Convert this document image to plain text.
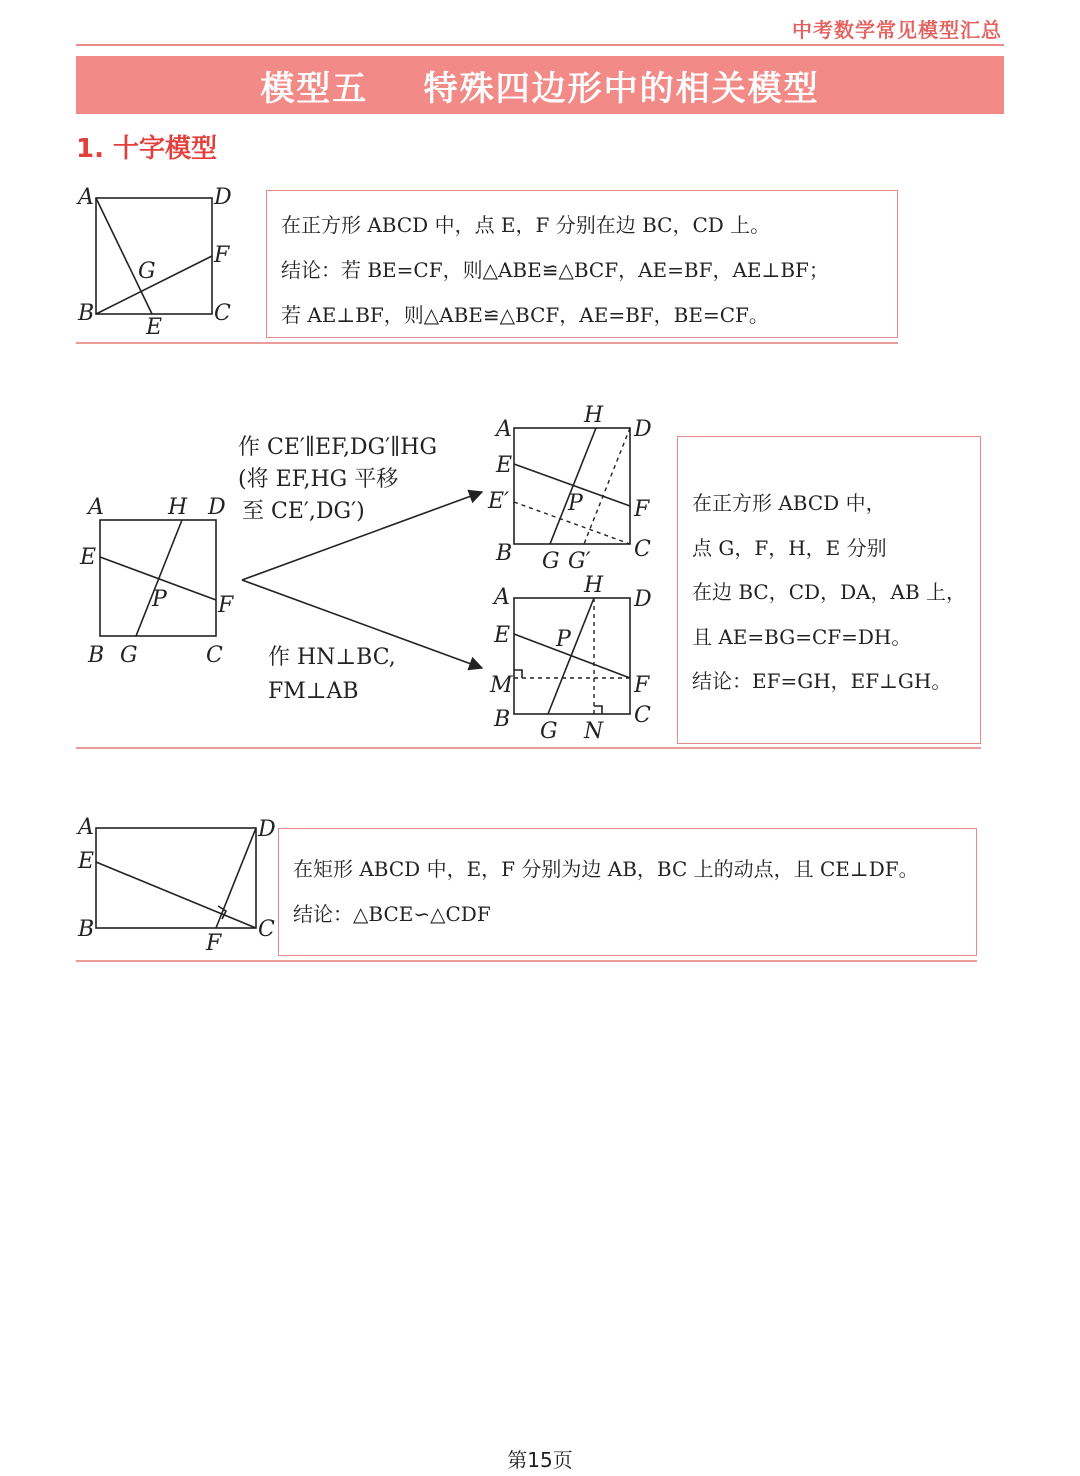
中考数学常见模型汇总
模型五    特殊四边形中的相关模型
1. 十字模型
A	D
G
F
B
E
C

在正方形 ABCD 中，点 E，F 分别在边 BC，CD 上。

结论：若 BE=CF，则△ABE≌△BCF，AE=BF，AE⊥BF；

若 AE⊥BF，则△ABE≌△BCF，AE=BF，BE=CF。

A	H D
E
P F
B G	C
作 CE′∥EF,DG′∥HG
(将 EF,HG 平移
至 CE′,DG′)
作 HN⊥BC,
FM⊥AB
H
A	D
E
E′	P F
B G G′ C
H
A	D
E P
M	F
B	C
G N

在正方形 ABCD 中，

点 G，F，H，E 分别

在边 BC，CD，DA，AB 上，

且 AE=BG=CF=DH。

结论：EF=GH，EF⊥GH。

A	D
E
B
F
C

在矩形 ABCD 中，E，F 分别为边 AB，BC 上的动点，且 CE⊥DF。

结论：△BCE∽△CDF

第15页
